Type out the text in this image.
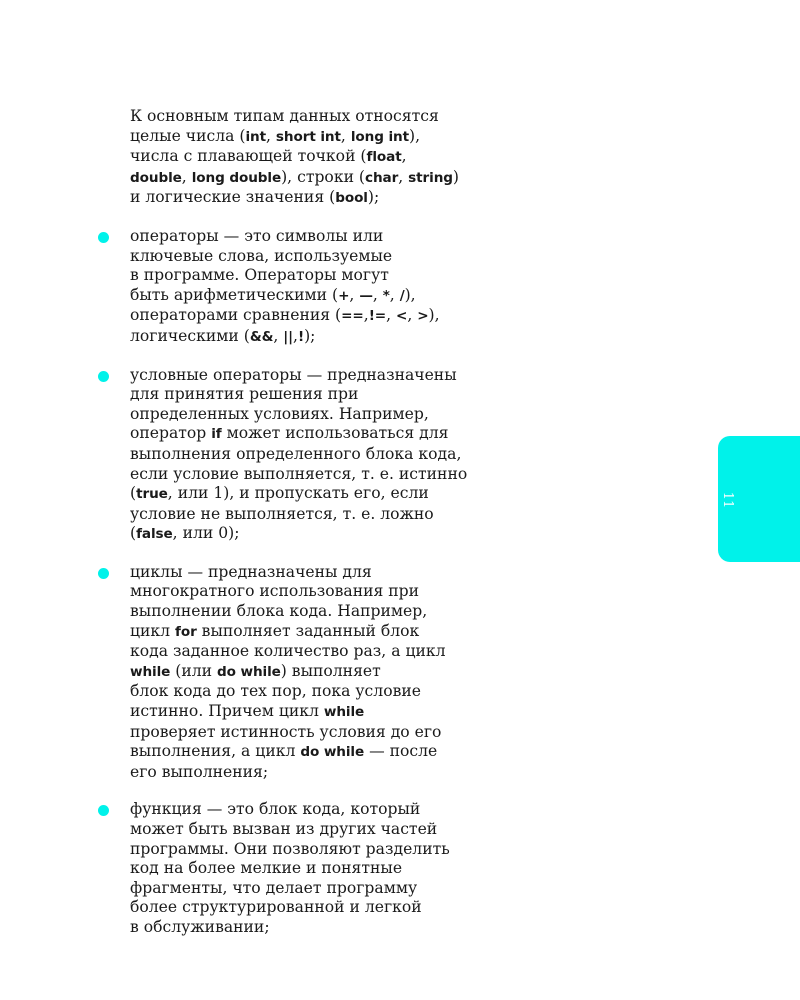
К основным типам данных относятся
целые числа (int, short int, long int),
числа с плавающей точкой (float,
double, long double), строки (char, string)
и логические значения (bool);
операторы — это символы или
ключевые слова, используемые
в программе. Операторы могут
быть арифметическими (+, —, *, /),
операторами сравнения (==,!=, <, >),
логическими (&&, ||,!);
условные операторы — предназначены
для принятия решения при
определенных условиях. Например,
оператор if может использоваться для
выполнения определенного блока кода,
если условие выполняется, т. е. истинно
(true, или 1), и пропускать его, если
условие не выполняется, т. е. ложно
(false, или 0);
циклы — предназначены для
многократного использования при
выполнении блока кода. Например,
цикл for выполняет заданный блок
кода заданное количество раз, а цикл
while (или do while) выполняет
блок кода до тех пор, пока условие
истинно. Причем цикл while
проверяет истинность условия до его
выполнения, а цикл do while — после
его выполнения;
функция — это блок кода, который
может быть вызван из других частей
программы. Они позволяют разделить
код на более мелкие и понятные
фрагменты, что делает программу
более структурированной и легкой
в обслуживании;
11
